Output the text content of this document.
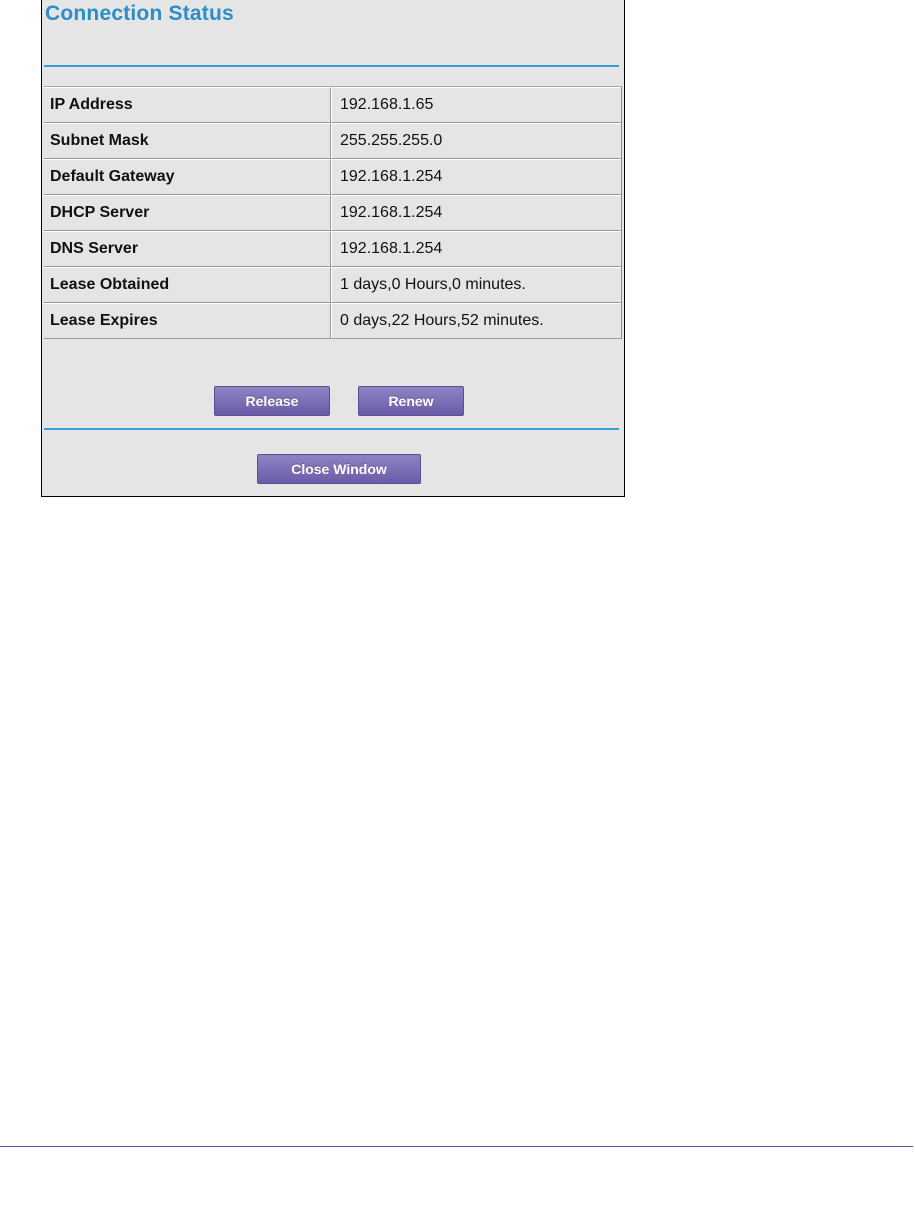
Connection Status
IP Address	192.168.1.65
Subnet Mask	255.255.255.0
Default Gateway	192.168.1.254
DHCP Server	192.168.1.254
DNS Server	192.168.1.254
Lease Obtained	1 days,0 Hours,0 minutes.
Lease Expires	0 days,22 Hours,52 minutes.
Release	Renew
Close Window
